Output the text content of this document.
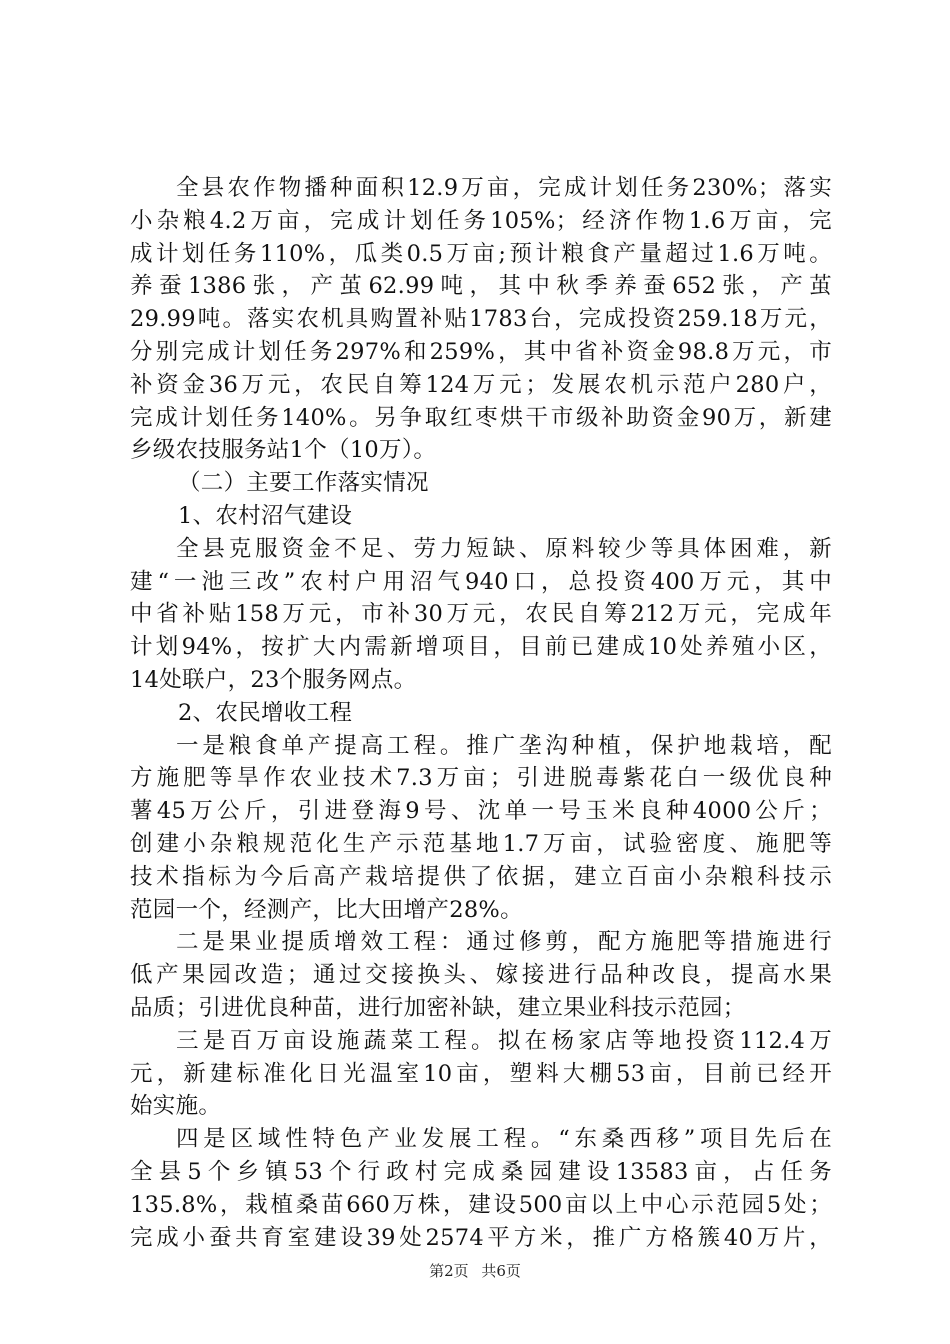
全县农作物播种面积12.9万亩，完成计划任务230%；落实
小杂粮4.2万亩，完成计划任务105%；经济作物1.6万亩，完
成计划任务110%，瓜类0.5万亩;预计粮食产量超过1.6万吨。
养蚕1386张，产茧62.99吨，其中秋季养蚕652张，产茧
29.99吨。落实农机具购置补贴1783台，完成投资259.18万元，
分别完成计划任务297%和259%，其中省补资金98.8万元，市
补资金36万元，农民自筹124万元；发展农机示范户280户，
完成计划任务140%。另争取红枣烘干市级补助资金90万，新建
乡级农技服务站1个（10万）。
（二）主要工作落实情况
1、农村沼气建设
全县克服资金不足、劳力短缺、原料较少等具体困难，新
建“一池三改”农村户用沼气940口，总投资400万元，其中
中省补贴158万元，市补30万元，农民自筹212万元，完成年
计划94%，按扩大内需新增项目，目前已建成10处养殖小区，
14处联户，23个服务网点。
2、农民增收工程
一是粮食单产提高工程。推广垄沟种植，保护地栽培，配
方施肥等旱作农业技术7.3万亩；引进脱毒紫花白一级优良种
薯45万公斤，引进登海9号、沈单一号玉米良种4000公斤；
创建小杂粮规范化生产示范基地1.7万亩，试验密度、施肥等
技术指标为今后高产栽培提供了依据，建立百亩小杂粮科技示
范园一个，经测产，比大田增产28%。
二是果业提质增效工程：通过修剪，配方施肥等措施进行
低产果园改造；通过交接换头、嫁接进行品种改良，提高水果
品质；引进优良种苗，进行加密补缺，建立果业科技示范园；
三是百万亩设施蔬菜工程。拟在杨家店等地投资112.4万
元，新建标准化日光温室10亩，塑料大棚53亩，目前已经开
始实施。
四是区域性特色产业发展工程。“东桑西移”项目先后在
全县5个乡镇53个行政村完成桑园建设13583亩，占任务
135.8%，栽植桑苗660万株，建设500亩以上中心示范园5处；
完成小蚕共育室建设39处2574平方米，推广方格簇40万片，
第2页 共6页
